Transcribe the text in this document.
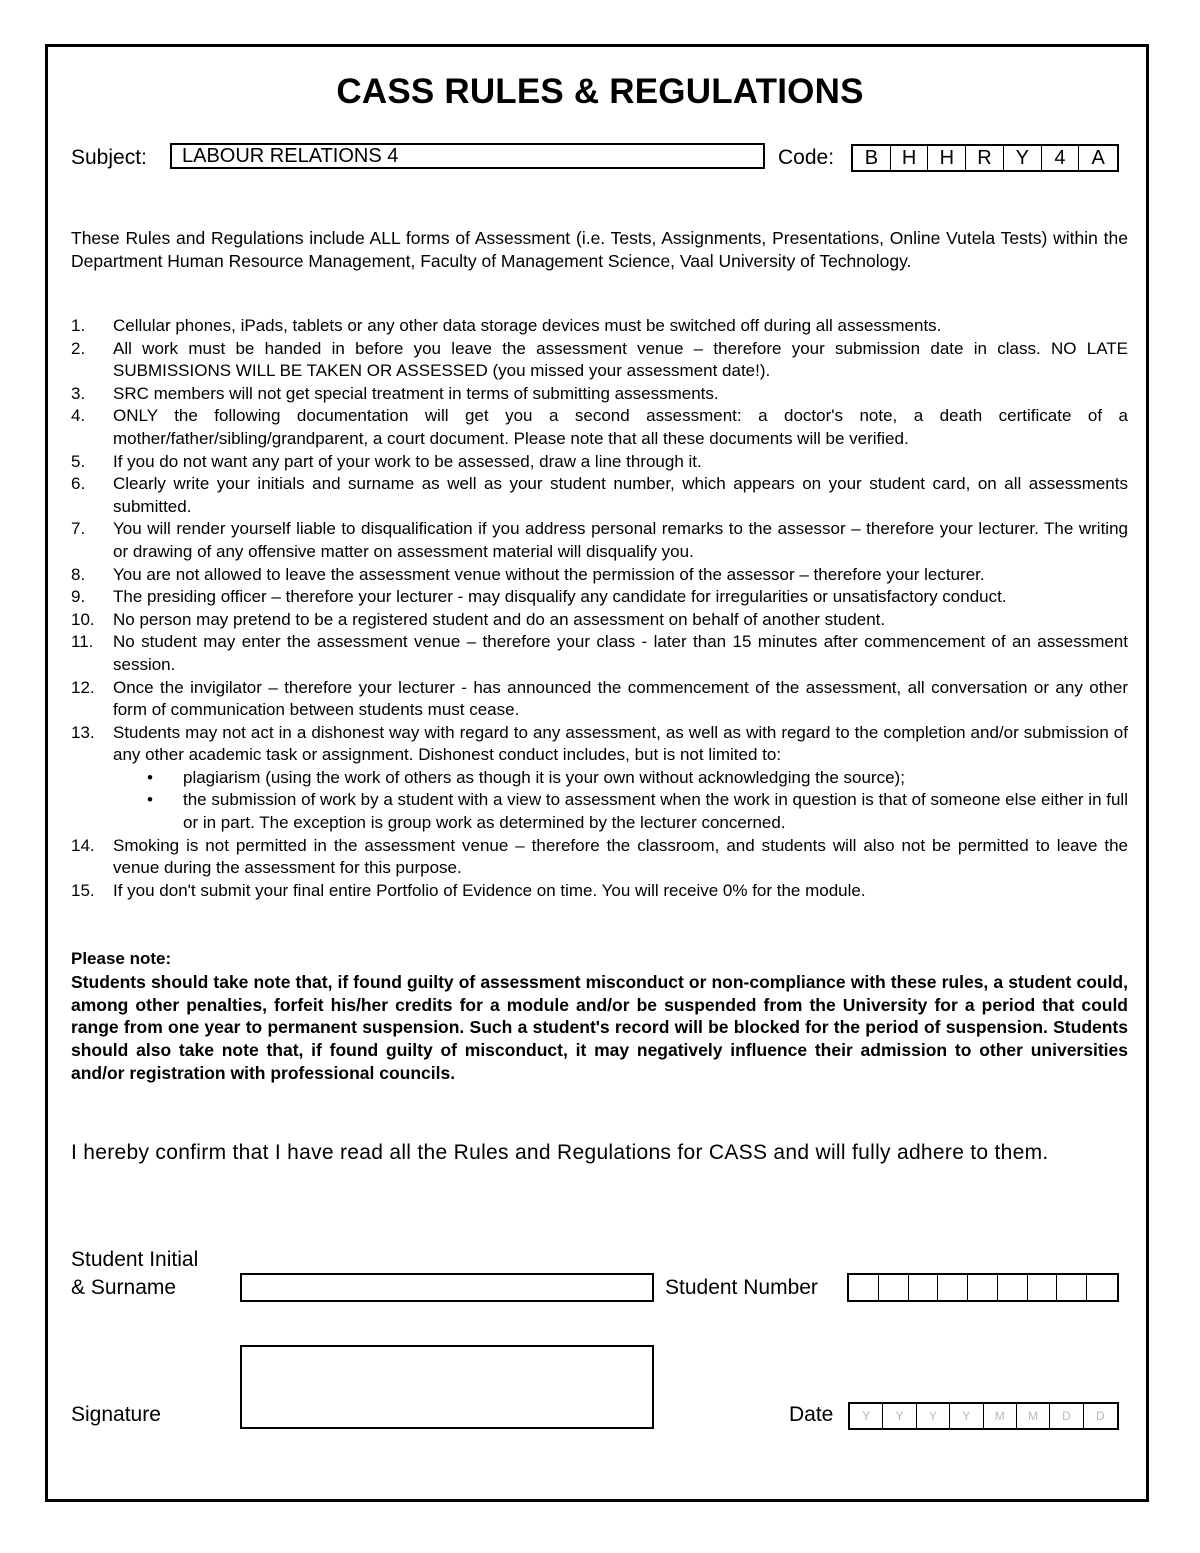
CASS RULES & REGULATIONS
Subject:	LABOUR RELATIONS 4	Code:	B	H	H	R	Y	4	A
These Rules and Regulations include ALL forms of Assessment (i.e. Tests, Assignments, Presentations, Online Vutela Tests) within the Department Human Resource Management, Faculty of Management Science, Vaal University of Technology.
1. Cellular phones, iPads, tablets or any other data storage devices must be switched off during all assessments.
2. All work must be handed in before you leave the assessment venue – therefore your submission date in class. NO LATE SUBMISSIONS WILL BE TAKEN OR ASSESSED (you missed your assessment date!).
3. SRC members will not get special treatment in terms of submitting assessments.
4. ONLY the following documentation will get you a second assessment: a doctor's note, a death certificate of a mother/father/sibling/grandparent, a court document. Please note that all these documents will be verified.
5. If you do not want any part of your work to be assessed, draw a line through it.
6. Clearly write your initials and surname as well as your student number, which appears on your student card, on all assessments submitted.
7. You will render yourself liable to disqualification if you address personal remarks to the assessor – therefore your lecturer. The writing or drawing of any offensive matter on assessment material will disqualify you.
8. You are not allowed to leave the assessment venue without the permission of the assessor – therefore your lecturer.
9. The presiding officer – therefore your lecturer - may disqualify any candidate for irregularities or unsatisfactory conduct.
10. No person may pretend to be a registered student and do an assessment on behalf of another student.
11. No student may enter the assessment venue – therefore your class - later than 15 minutes after commencement of an assessment session.
12. Once the invigilator – therefore your lecturer - has announced the commencement of the assessment, all conversation or any other form of communication between students must cease.
13. Students may not act in a dishonest way with regard to any assessment, as well as with regard to the completion and/or submission of any other academic task or assignment. Dishonest conduct includes, but is not limited to:
• plagiarism (using the work of others as though it is your own without acknowledging the source);
• the submission of work by a student with a view to assessment when the work in question is that of someone else either in full or in part. The exception is group work as determined by the lecturer concerned.
14. Smoking is not permitted in the assessment venue – therefore the classroom, and students will also not be permitted to leave the venue during the assessment for this purpose.
15. If you don't submit your final entire Portfolio of Evidence on time. You will receive 0% for the module.
Please note:
Students should take note that, if found guilty of assessment misconduct or non-compliance with these rules, a student could, among other penalties, forfeit his/her credits for a module and/or be suspended from the University for a period that could range from one year to permanent suspension. Such a student's record will be blocked for the period of suspension. Students should also take note that, if found guilty of misconduct, it may negatively influence their admission to other universities and/or registration with professional councils.
I hereby confirm that I have read all the Rules and Regulations for CASS and will fully adhere to them.
Student Initial
& Surname	Student Number
Signature	Date	Y	Y	Y	Y	M	M	D	D
